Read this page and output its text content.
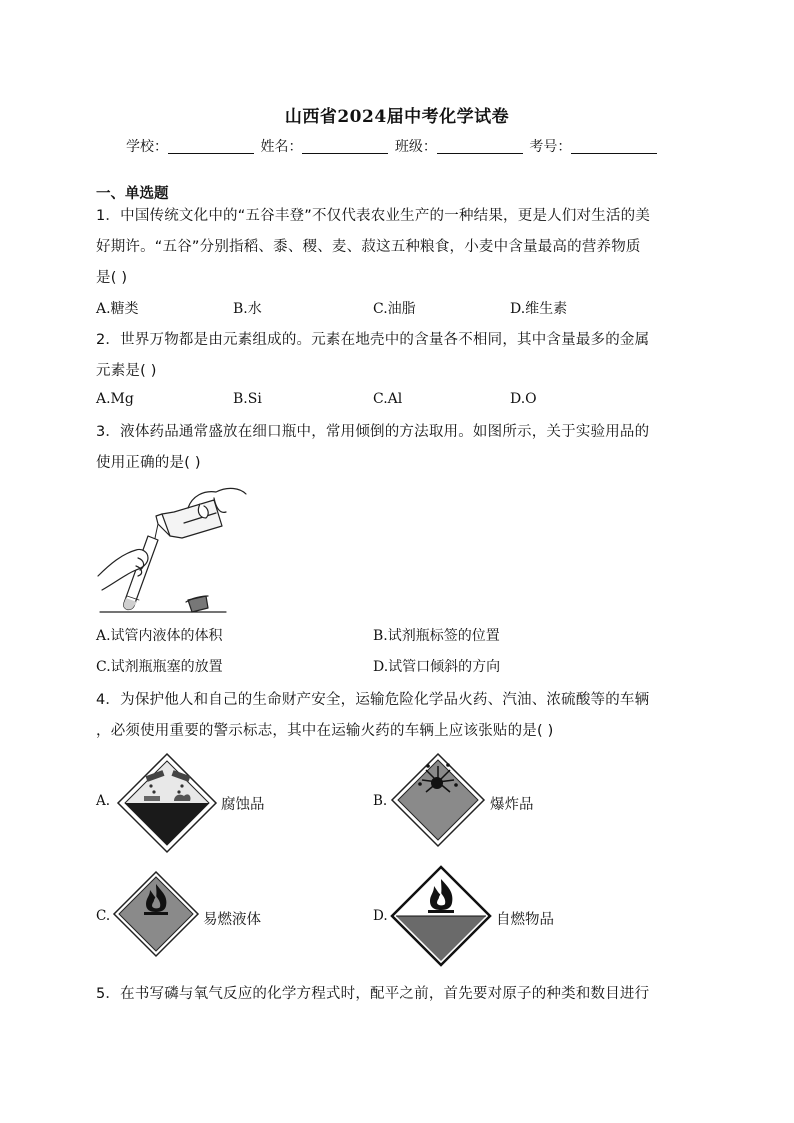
山西省2024届中考化学试卷
学校：	姓名：	班级：	考号：
一、单选题
1．中国传统文化中的“五谷丰登”不仅代表农业生产的一种结果，更是人们对生活的美
好期许。“五谷”分别指稻、黍、稷、麦、菽这五种粮食，小麦中含量最高的营养物质
是( )
A.糖类	B.水	C.油脂	D.维生素
2．世界万物都是由元素组成的。元素在地壳中的含量各不相同，其中含量最多的金属
元素是( )
A.Mg	B.Si	C.Al	D.O
3．液体药品通常盛放在细口瓶中，常用倾倒的方法取用。如图所示，关于实验用品的
使用正确的是( )
A.试管内液体的体积	B.试剂瓶标签的位置
C.试剂瓶瓶塞的放置	D.试管口倾斜的方向
4．为保护他人和自己的生命财产安全，运输危险化学品火药、汽油、浓硫酸等的车辆
，必须使用重要的警示标志，其中在运输火药的车辆上应该张贴的是( )
A.	腐蚀品	B.	爆炸品
C.	易燃液体	D.	自燃物品
5．在书写磷与氧气反应的化学方程式时，配平之前，首先要对原子的种类和数目进行
